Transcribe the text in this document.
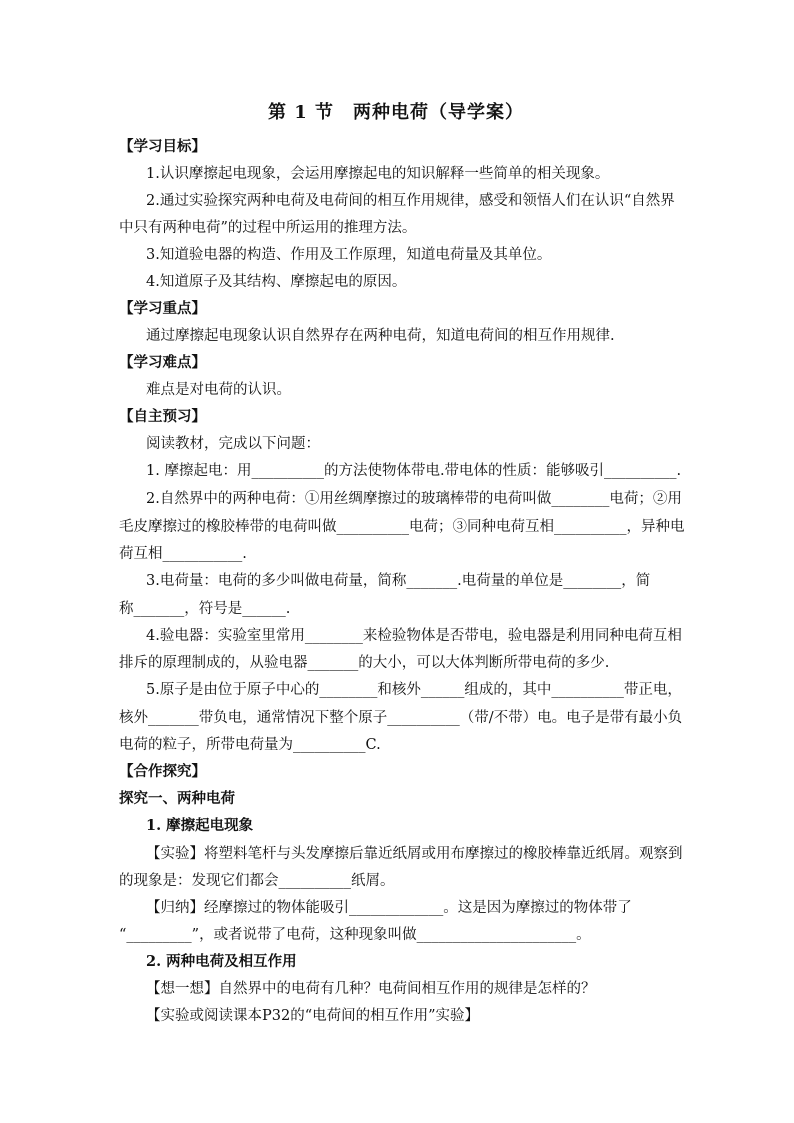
第 1 节　两种电荷（导学案）
【学习目标】
1.认识摩擦起电现象，会运用摩擦起电的知识解释一些简单的相关现象。
2.通过实验探究两种电荷及电荷间的相互作用规律，感受和领悟人们在认识“自然界
中只有两种电荷”的过程中所运用的推理方法。
3.知道验电器的构造、作用及工作原理，知道电荷量及其单位。
4.知道原子及其结构、摩擦起电的原因。
【学习重点】
通过摩擦起电现象认识自然界存在两种电荷，知道电荷间的相互作用规律.
【学习难点】
难点是对电荷的认识。
【自主预习】
阅读教材，完成以下问题：
1. 摩擦起电：用__________的方法使物体带电.带电体的性质：能够吸引__________.
2.自然界中的两种电荷：①用丝绸摩擦过的玻璃棒带的电荷叫做________电荷；②用
毛皮摩擦过的橡胶棒带的电荷叫做__________电荷；③同种电荷互相__________，异种电
荷互相___________.
3.电荷量：电荷的多少叫做电荷量，简称_______.电荷量的单位是________，简
称_______，符号是______.
4.验电器：实验室里常用________来检验物体是否带电，验电器是利用同种电荷互相
排斥的原理制成的，从验电器_______的大小，可以大体判断所带电荷的多少.
5.原子是由位于原子中心的________和核外______组成的，其中__________带正电，
核外_______带负电，通常情况下整个原子__________（带/不带）电。电子是带有最小负
电荷的粒子，所带电荷量为__________C.
【合作探究】
探究一、两种电荷
1. 摩擦起电现象
【实验】将塑料笔杆与头发摩擦后靠近纸屑或用布摩擦过的橡胶棒靠近纸屑。观察到
的现象是：发现它们都会__________纸屑。
【归纳】经摩擦过的物体能吸引_____________。这是因为摩擦过的物体带了
“_________”，或者说带了电荷，这种现象叫做______________________。
2. 两种电荷及相互作用
【想一想】自然界中的电荷有几种？电荷间相互作用的规律是怎样的？
【实验或阅读课本P32的“电荷间的相互作用”实验】
